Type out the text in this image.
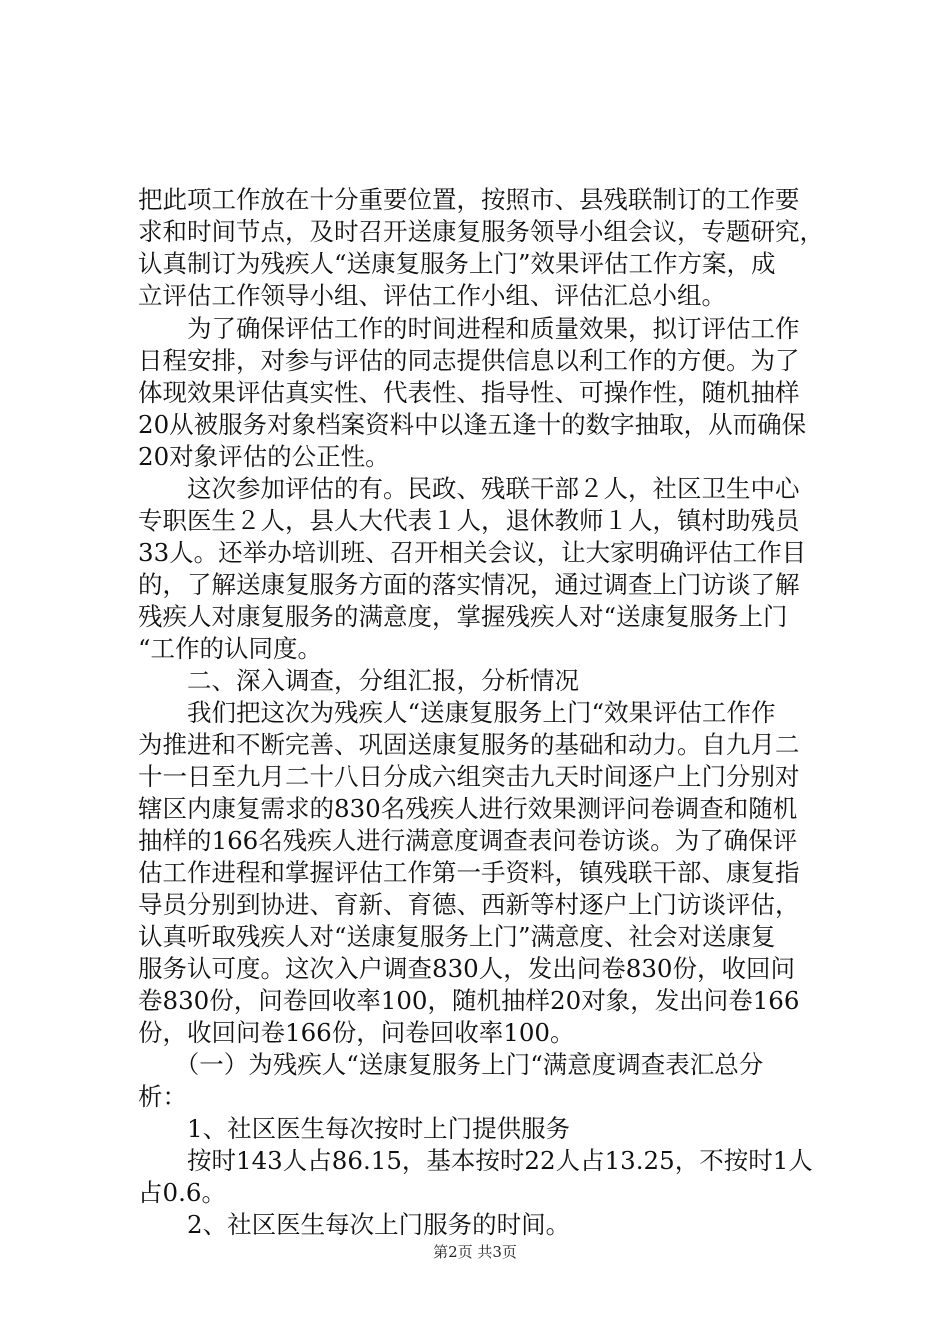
把此项工作放在十分重要位置，按照市、县残联制订的工作要

求和时间节点，及时召开送康复服务领导小组会议，专题研究，

认真制订为残疾人“送康复服务上门”效果评估工作方案，成

立评估工作领导小组、评估工作小组、评估汇总小组。

　　为了确保评估工作的时间进程和质量效果，拟订评估工作

日程安排，对参与评估的同志提供信息以利工作的方便。为了

体现效果评估真实性、代表性、指导性、可操作性，随机抽样

20从被服务对象档案资料中以逢五逢十的数字抽取，从而确保

20对象评估的公正性。

　　这次参加评估的有。民政、残联干部２人，社区卫生中心

专职医生２人，县人大代表１人，退休教师１人，镇村助残员

33人。还举办培训班、召开相关会议，让大家明确评估工作目

的，了解送康复服务方面的落实情况，通过调查上门访谈了解

残疾人对康复服务的满意度，掌握残疾人对“送康复服务上门

“工作的认同度。

　　二、深入调查，分组汇报，分析情况

　　我们把这次为残疾人“送康复服务上门“效果评估工作作

为推进和不断完善、巩固送康复服务的基础和动力。自九月二

十一日至九月二十八日分成六组突击九天时间逐户上门分别对

辖区内康复需求的830名残疾人进行效果测评问卷调查和随机

抽样的166名残疾人进行满意度调查表问卷访谈。为了确保评

估工作进程和掌握评估工作第一手资料，镇残联干部、康复指

导员分别到协进、育新、育德、西新等村逐户上门访谈评估，

认真听取残疾人对“送康复服务上门”满意度、社会对送康复

服务认可度。这次入户调查830人，发出问卷830份，收回问

卷830份，问卷回收率100，随机抽样20对象，发出问卷166

份，收回问卷166份，问卷回收率100。

　　（一）为残疾人“送康复服务上门“满意度调查表汇总分

析：

　　1、社区医生每次按时上门提供服务

　　按时143人占86.15，基本按时22人占13.25，不按时1人

占0.6。

　　2、社区医生每次上门服务的时间。

第2页 共3页
